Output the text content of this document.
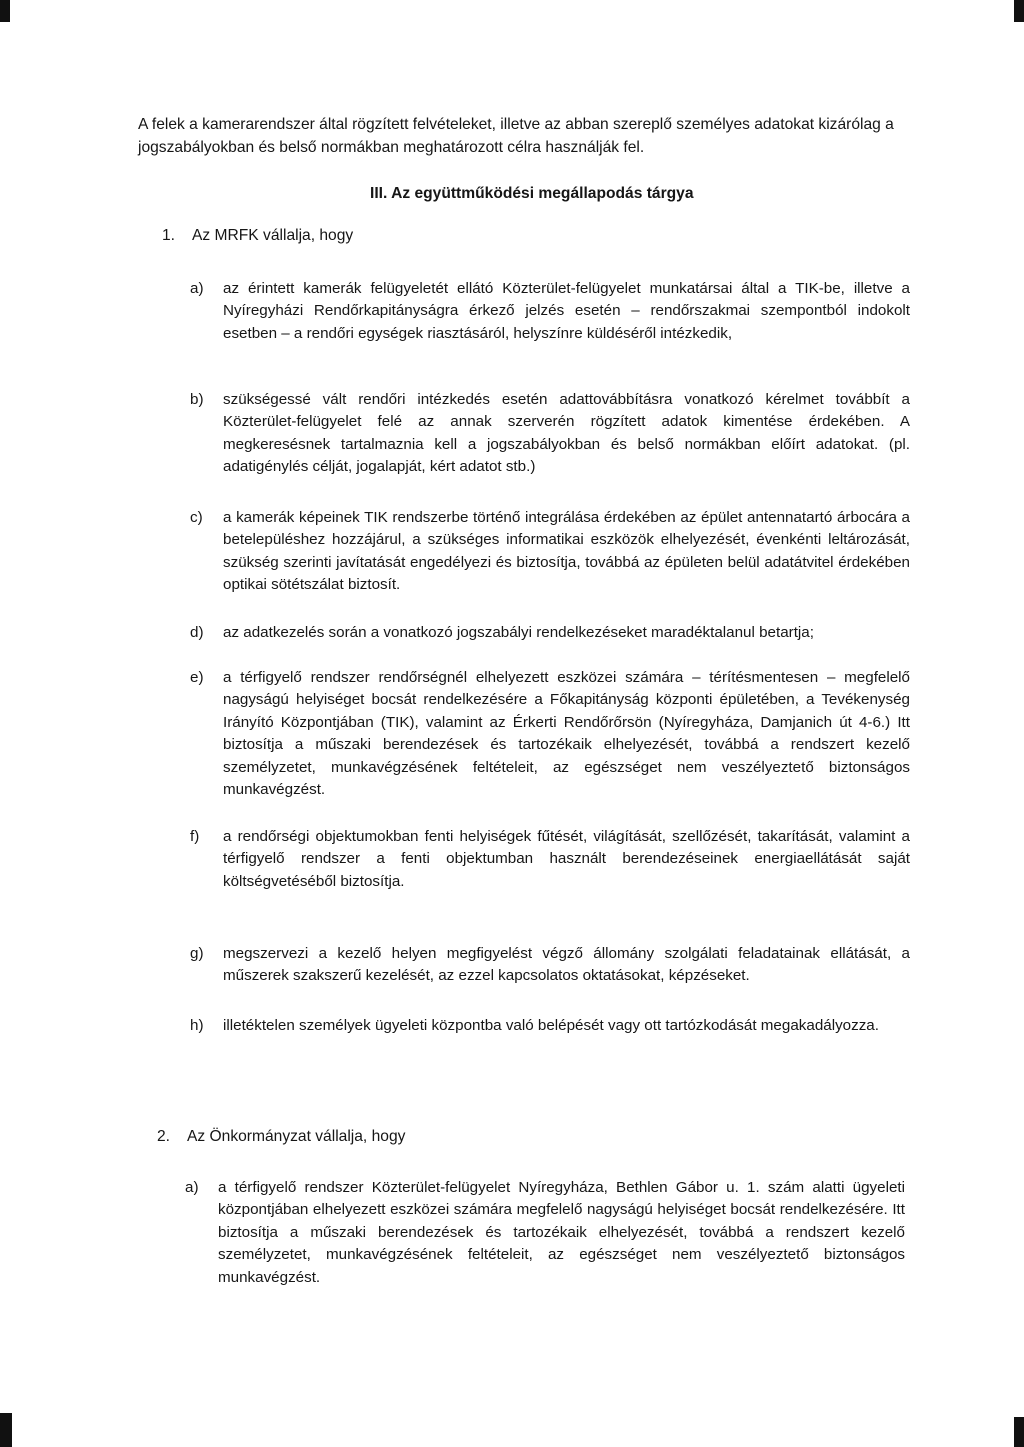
A felek a kamerarendszer által rögzített felvételeket, illetve az abban szereplő személyes adatokat kizárólag a jogszabályokban és belső normákban meghatározott célra használják fel.
III. Az együttműködési megállapodás tárgya
1. Az MRFK vállalja, hogy
a)	az érintett kamerák felügyeletét ellátó Közterület-felügyelet munkatársai által a TIK-be, illetve a Nyíregyházi Rendőrkapitányságra érkező jelzés esetén – rendőrszakmai szempontból indokolt esetben – a rendőri egységek riasztásáról, helyszínre küldéséről intézkedik,
b)	szükségessé vált rendőri intézkedés esetén adattovábbításra vonatkozó kérelmet továbbít a Közterület-felügyelet felé az annak szerverén rögzített adatok kimentése érdekében. A megkeresésnek tartalmaznia kell a jogszabályokban és belső normákban előírt adatokat. (pl. adatigénylés célját, jogalapját, kért adatot stb.)
c)	a kamerák képeinek TIK rendszerbe történő integrálása érdekében az épület antennatartó árbocára a betelepüléshez hozzájárul, a szükséges informatikai eszközök elhelyezését, évenkénti leltározását, szükség szerinti javítatását engedélyezi és biztosítja, továbbá az épületen belül adatátvitel érdekében optikai sötétszálat biztosít.
d)	az adatkezelés során a vonatkozó jogszabályi rendelkezéseket maradéktalanul betartja;
e)	a térfigyelő rendszer rendőrségnél elhelyezett eszközei számára – térítésmentesen – megfelelő nagyságú helyiséget bocsát rendelkezésére a Főkapitányság központi épületében, a Tevékenység Irányító Központjában (TIK), valamint az Érkerti Rendőrőrsön (Nyíregyháza, Damjanich út 4-6.) Itt biztosítja a műszaki berendezések és tartozékaik elhelyezését, továbbá a rendszert kezelő személyzetet, munkavégzésének feltételeit, az egészséget nem veszélyeztető biztonságos munkavégzést.
f)	a rendőrségi objektumokban fenti helyiségek fűtését, világítását, szellőzését, takarítását, valamint a térfigyelő rendszer a fenti objektumban használt berendezéseinek energiaellátását saját költségvetéséből biztosítja.
g)	megszervezi a kezelő helyen megfigyelést végző állomány szolgálati feladatainak ellátását, a műszerek szakszerű kezelését, az ezzel kapcsolatos oktatásokat, képzéseket.
h)	illetéktelen személyek ügyeleti központba való belépését vagy ott tartózkodását megakadályozza.
2. Az Önkormányzat vállalja, hogy
a)	a térfigyelő rendszer Közterület-felügyelet Nyíregyháza, Bethlen Gábor u. 1. szám alatti ügyeleti központjában elhelyezett eszközei számára megfelelő nagyságú helyiséget bocsát rendelkezésére. Itt biztosítja a műszaki berendezések és tartozékaik elhelyezését, továbbá a rendszert kezelő személyzetet, munkavégzésének feltételeit, az egészséget nem veszélyeztető biztonságos munkavégzést.
